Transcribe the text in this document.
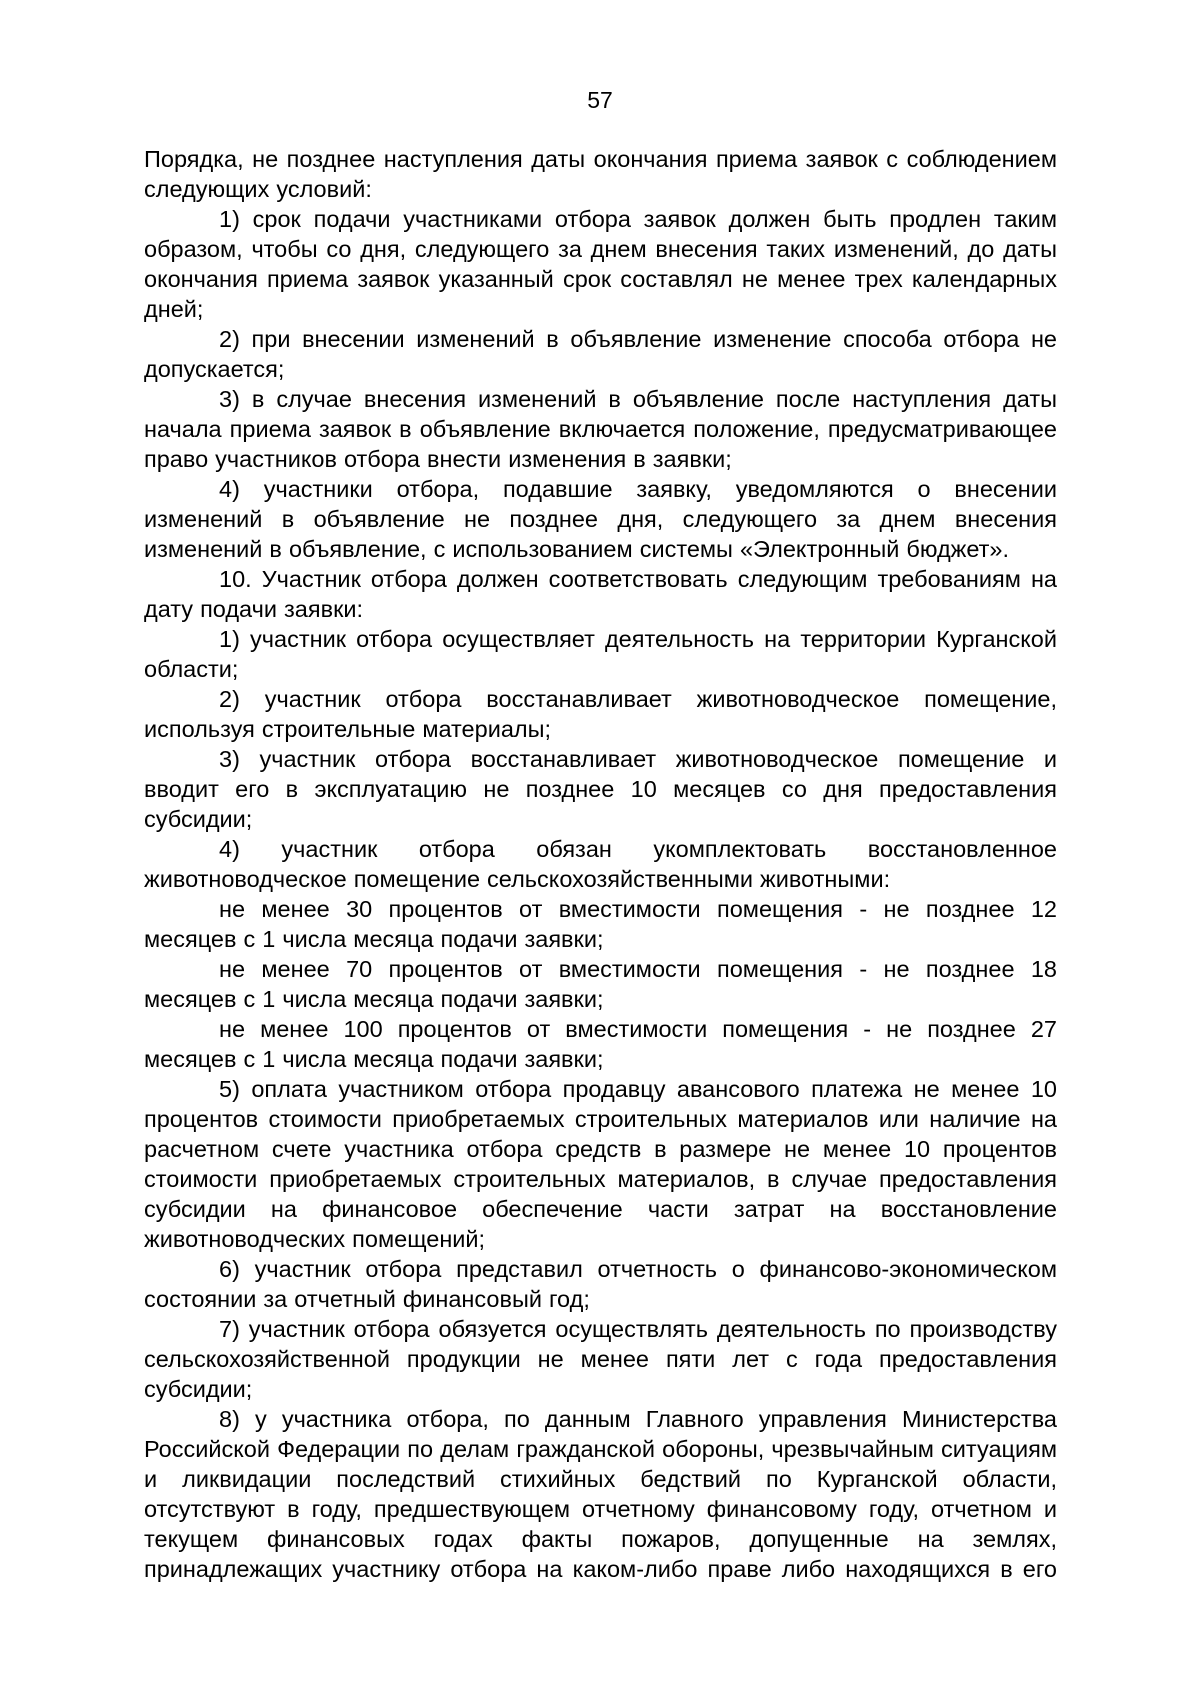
57

Порядка, не позднее наступления даты окончания приема заявок с соблюдением следующих условий:

1) срок подачи участниками отбора заявок должен быть продлен таким образом, чтобы со дня, следующего за днем внесения таких изменений, до даты окончания приема заявок указанный срок составлял не менее трех календарных дней;

2) при внесении изменений в объявление изменение способа отбора не допускается;

3) в случае внесения изменений в объявление после наступления даты начала приема заявок в объявление включается положение, предусматривающее право участников отбора внести изменения в заявки;

4) участники отбора, подавшие заявку, уведомляются о внесении изменений в объявление не позднее дня, следующего за днем внесения изменений в объявление, с использованием системы «Электронный бюджет».

10. Участник отбора должен соответствовать следующим требованиям на дату подачи заявки:

1) участник отбора осуществляет деятельность на территории Курганской области;

2) участник отбора восстанавливает животноводческое помещение, используя строительные материалы;

3) участник отбора восстанавливает животноводческое помещение и вводит его в эксплуатацию не позднее 10 месяцев со дня предоставления субсидии;

4) участник отбора обязан укомплектовать восстановленное животноводческое помещение сельскохозяйственными животными:

не менее 30 процентов от вместимости помещения - не позднее 12 месяцев с 1 числа месяца подачи заявки;

не менее 70 процентов от вместимости помещения - не позднее 18 месяцев с 1 числа месяца подачи заявки;

не менее 100 процентов от вместимости помещения - не позднее 27 месяцев с 1 числа месяца подачи заявки;

5) оплата участником отбора продавцу авансового платежа не менее 10 процентов стоимости приобретаемых строительных материалов или наличие на расчетном счете участника отбора средств в размере не менее 10 процентов стоимости приобретаемых строительных материалов, в случае предоставления субсидии на финансовое обеспечение части затрат на восстановление животноводческих помещений;

6) участник отбора представил отчетность о финансово-экономическом состоянии за отчетный финансовый год;

7) участник отбора обязуется осуществлять деятельность по производству сельскохозяйственной продукции не менее пяти лет с года предоставления субсидии;

8) у участника отбора, по данным Главного управления Министерства Российской Федерации по делам гражданской обороны, чрезвычайным ситуациям и ликвидации последствий стихийных бедствий по Курганской области, отсутствуют в году, предшествующем отчетному финансовому году, отчетном и текущем финансовых годах факты пожаров, допущенные на землях, принадлежащих участнику отбора на каком-либо праве либо находящихся в его
